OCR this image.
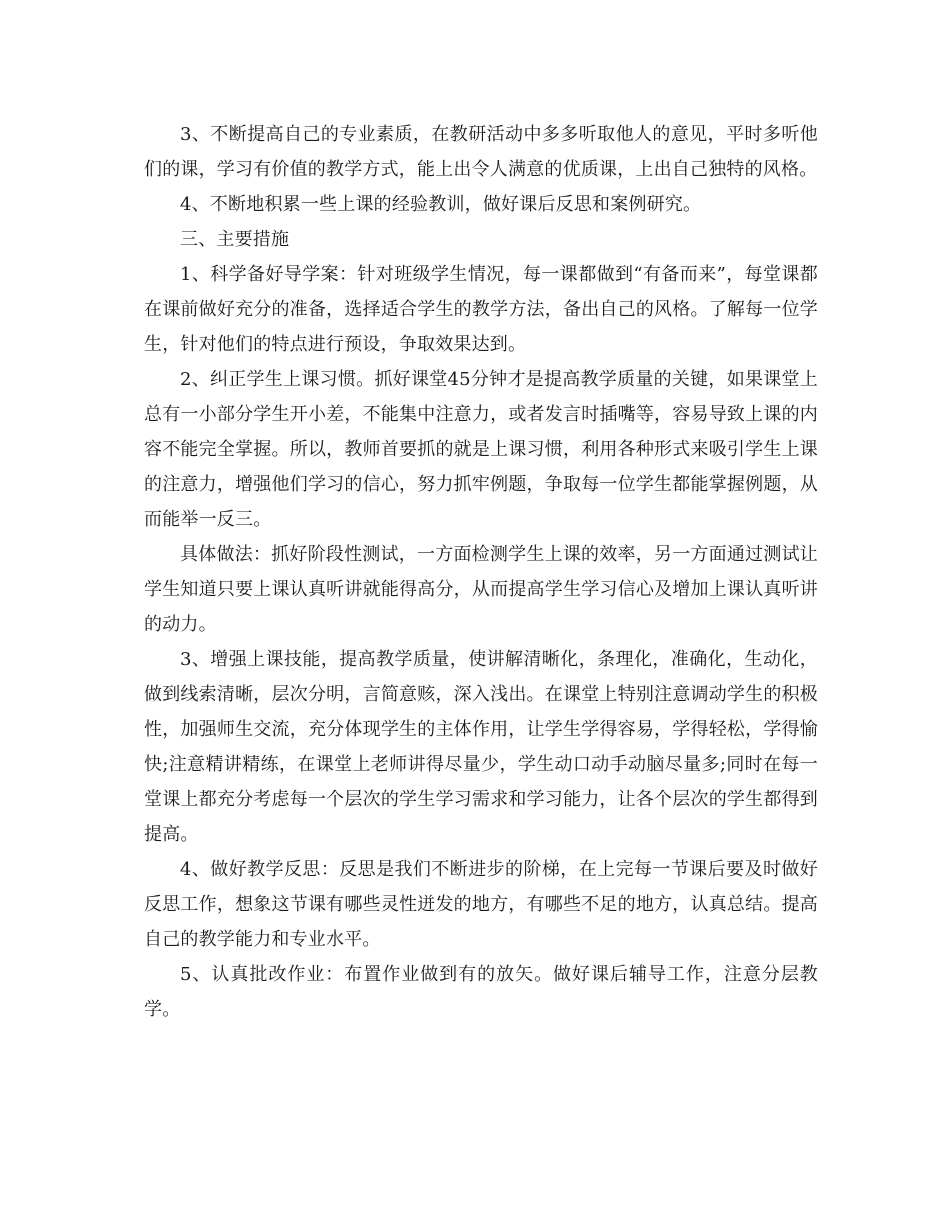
3、不断提高自己的专业素质，在教研活动中多多听取他人的意见，平时多听他们的课，学习有价值的教学方式，能上出令人满意的优质课，上出自己独特的风格。

4、不断地积累一些上课的经验教训，做好课后反思和案例研究。

三、主要措施

1、科学备好导学案：针对班级学生情况，每一课都做到“有备而来”，每堂课都在课前做好充分的准备，选择适合学生的教学方法，备出自己的风格。了解每一位学生，针对他们的特点进行预设，争取效果达到。

2、纠正学生上课习惯。抓好课堂45分钟才是提高教学质量的关键，如果课堂上总有一小部分学生开小差，不能集中注意力，或者发言时插嘴等，容易导致上课的内容不能完全掌握。所以，教师首要抓的就是上课习惯，利用各种形式来吸引学生上课的注意力，增强他们学习的信心，努力抓牢例题，争取每一位学生都能掌握例题，从而能举一反三。

具体做法：抓好阶段性测试，一方面检测学生上课的效率，另一方面通过测试让学生知道只要上课认真听讲就能得高分，从而提高学生学习信心及增加上课认真听讲的动力。

3、增强上课技能，提高教学质量，使讲解清晰化，条理化，准确化，生动化，做到线索清晰，层次分明，言简意赅，深入浅出。在课堂上特别注意调动学生的积极性，加强师生交流，充分体现学生的主体作用，让学生学得容易，学得轻松，学得愉快;注意精讲精练，在课堂上老师讲得尽量少，学生动口动手动脑尽量多;同时在每一堂课上都充分考虑每一个层次的学生学习需求和学习能力，让各个层次的学生都得到提高。

4、做好教学反思：反思是我们不断进步的阶梯，在上完每一节课后要及时做好反思工作，想象这节课有哪些灵性迸发的地方，有哪些不足的地方，认真总结。提高自己的教学能力和专业水平。

5、认真批改作业：布置作业做到有的放矢。做好课后辅导工作，注意分层教学。
